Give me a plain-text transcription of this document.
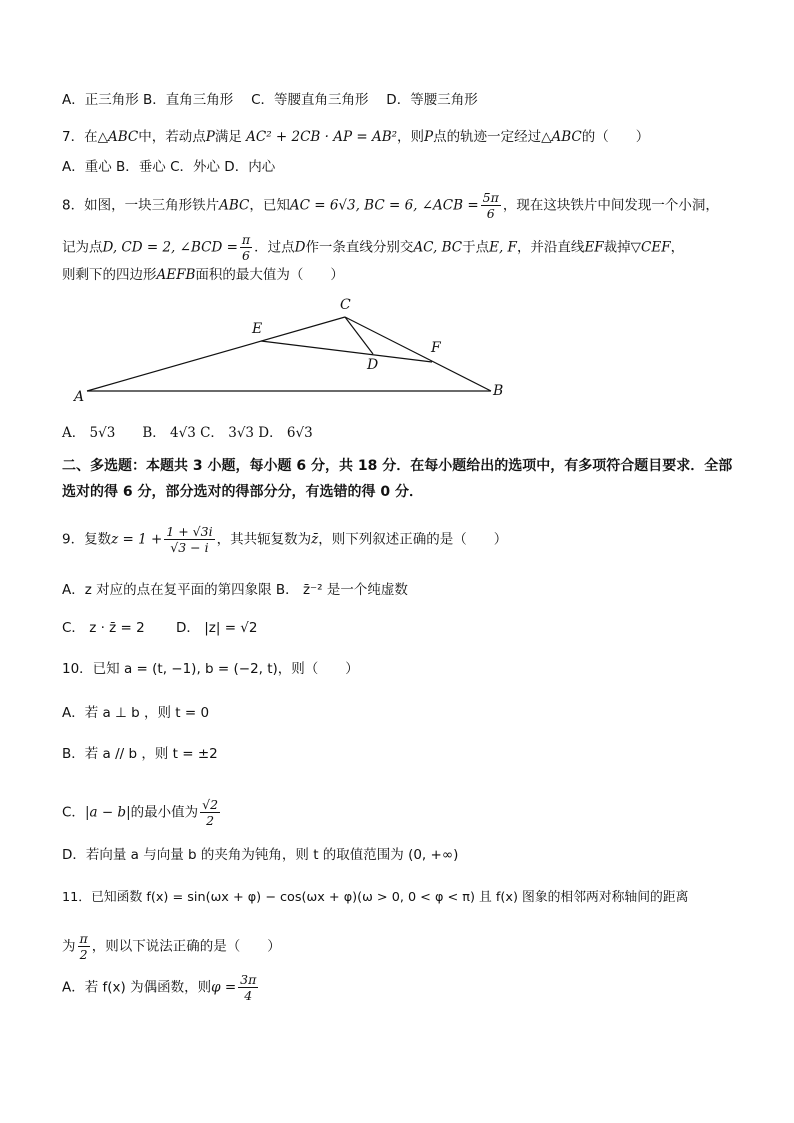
A．正三角形 B．直角三角形　 C．等腰直角三角形　 D．等腰三角形
7．在△ABC中，若动点P满足 AC² + 2CB · AP = AB²，则P点的轨迹一定经过△ABC的（　　）
A．重心 B．垂心 C．外心 D．内心
8．如图，一块三角形铁片ABC，已知AC = 6√3, BC = 6, ∠ACB = $\frac{5\pi}{6}$ ，现在这块铁片中间发现一个小洞，
记为点D, CD = 2, ∠BCD = $\frac{\pi}{6}$ ．过点D作一条直线分别交AC, BC于点E, F，并沿直线EF裁掉▽CEF，
则剩下的四边形AEFB面积的最大值为（　　）
A	B
C
D
E
F
A． 5√3　　B． 4√3 C． 3√3 D． 6√3
二、多选题：本题共 3 小题，每小题 6 分，共 18 分．在每小题给出的选项中，有多项符合题目要求．全部选对的得 6 分，部分选对的得部分分，有选错的得 0 分．
9．复数$z = 1 + \frac{1 + √3i}{√3 - i}$ ，其共轭复数为z̄，则下列叙述正确的是（　　）
A．z 对应的点在复平面的第四象限 B． z̄⁻² 是一个纯虚数
C． z · z̄ = 2　　 D． |z| = √2
10．已知 a = (t, −1), b = (−2, t)，则（　　）
A．若 a ⊥ b ，则 t = 0
B．若 a // b ，则 t = ±2
C．|a − b|的最小值为 $\frac{√2}{2}$
D．若向量 a 与向量 b 的夹角为钝角，则 t 的取值范围为 (0, +∞)
11．已知函数 f(x) = sin(ωx + φ) − cos(ωx + φ)(ω > 0, 0 < φ < π) 且 f(x) 图象的相邻两对称轴间的距离
为 $\frac{\pi}{2}$ ，则以下说法正确的是（　　）
A．若 f(x) 为偶函数，则$\varphi = \frac{3\pi}{4}$
